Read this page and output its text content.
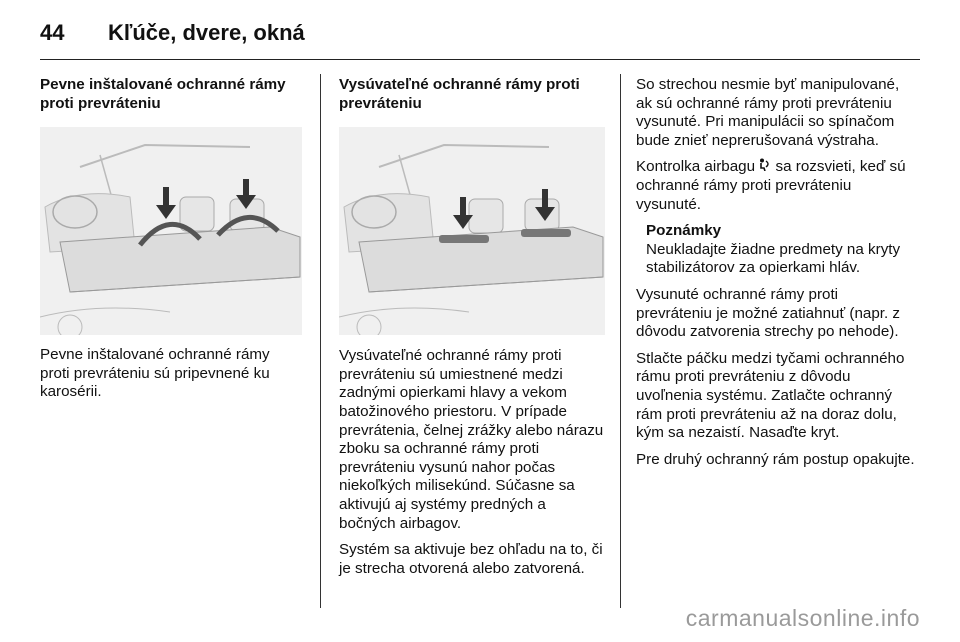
44 Kľúče, dvere, okná
Pevne inštalované ochranné rámy proti prevráteniu

Pevne inštalované ochranné rámy proti prevráteniu sú pripevnené ku karosérii.

Vysúvateľné ochranné rámy proti prevráteniu

Vysúvateľné ochranné rámy proti prevráteniu sú umiestnené medzi zadnými opierkami hlavy a vekom batožinového priestoru. V prípade prevrátenia, čelnej zrážky alebo nárazu zboku sa ochranné rámy proti prevráteniu vysunú nahor počas niekoľkých milisekúnd. Súčasne sa aktivujú aj systémy predných a bočných airbagov.

Systém sa aktivuje bez ohľadu na to, či je strecha otvorená alebo zatvorená.

So strechou nesmie byť manipulované, ak sú ochranné rámy proti prevráteniu vysunuté. Pri manipulácii so spínačom bude znieť neprerušovaná výstraha.

Kontrolka airbagu sa rozsvieti, keď sú ochranné rámy proti prevráteniu vysunuté.

Poznámky
Neukladajte žiadne predmety na kryty stabilizátorov za opierkami hláv.

Vysunuté ochranné rámy proti prevráteniu je možné zatiahnuť (napr. z dôvodu zatvorenia strechy po nehode).

Stlačte páčku medzi tyčami ochranného rámu proti prevráteniu z dôvodu uvoľnenia systému. Zatlačte ochranný rám proti prevráteniu až na doraz dolu, kým sa nezaistí. Nasaďte kryt.

Pre druhý ochranný rám postup opakujte.

carmanualsonline.info
